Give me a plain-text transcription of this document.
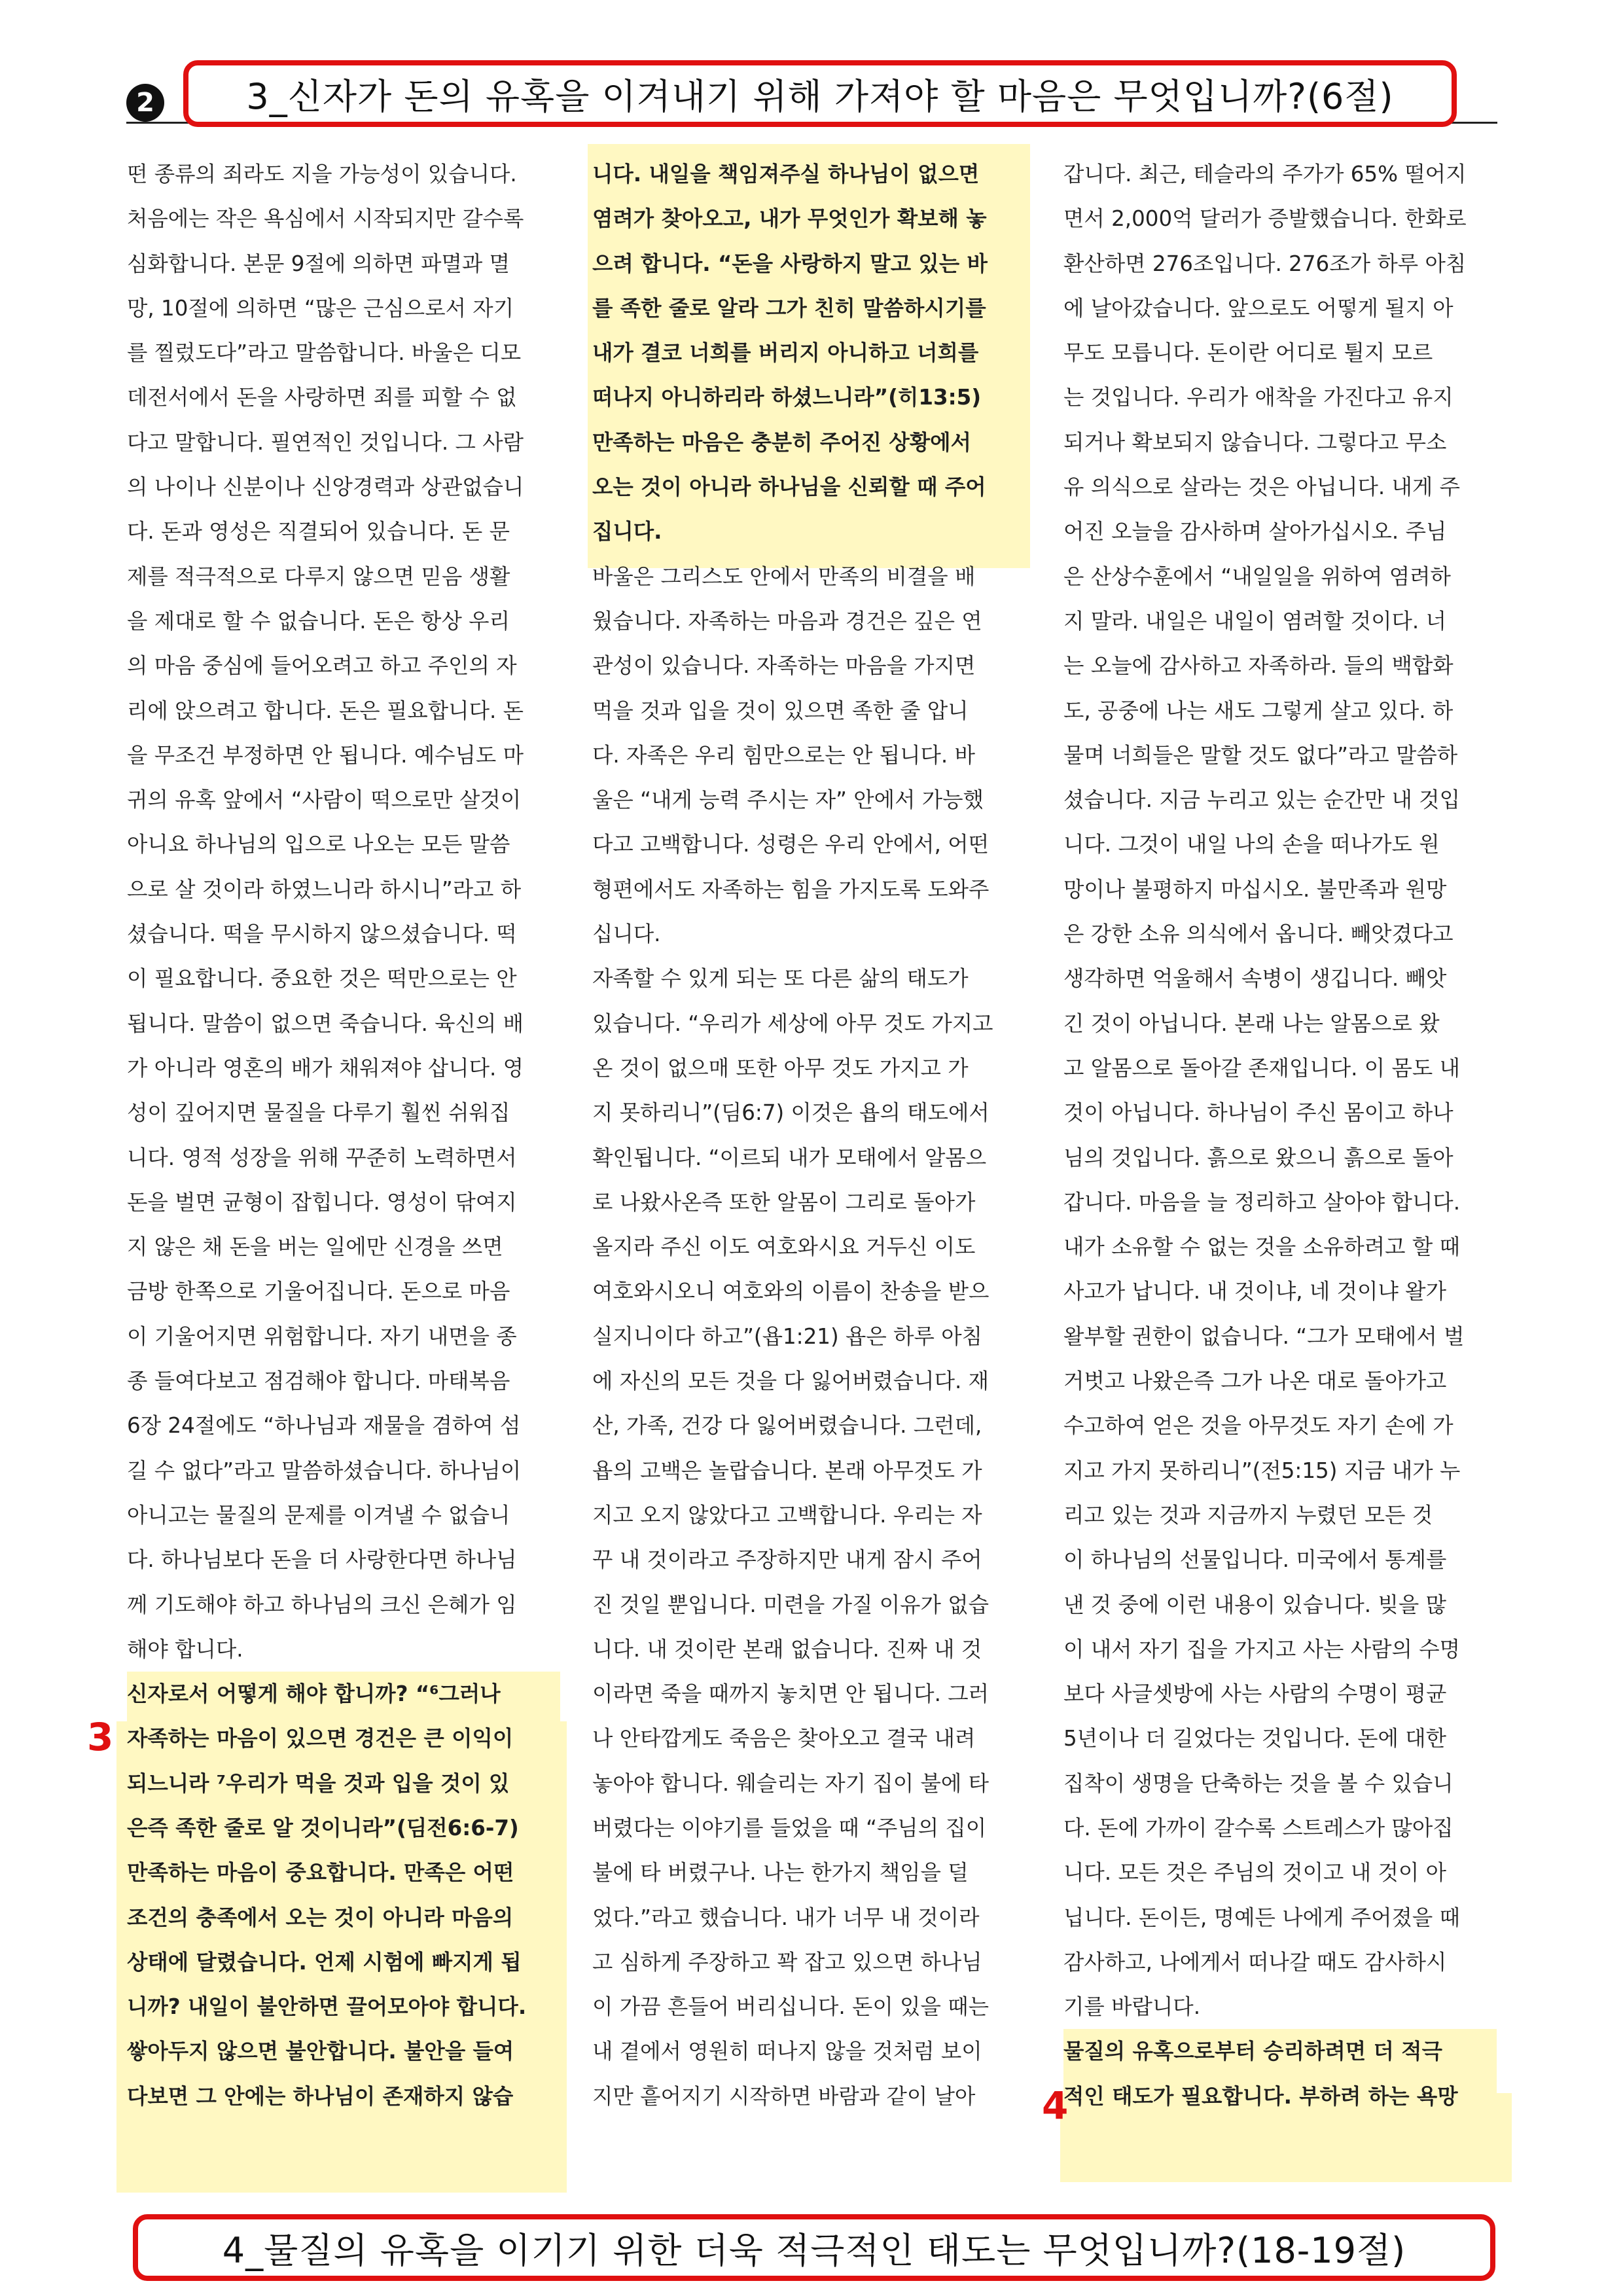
2	3_신자가 돈의 유혹을 이겨내기 위해 가져야 할 마음은 무엇입니까?(6절)
떤 종류의 죄라도 지을 가능성이 있습니다.
처음에는 작은 욕심에서 시작되지만 갈수록
심화합니다. 본문 9절에 의하면 파멸과 멸
망, 10절에 의하면 “많은 근심으로서 자기
를 찔렀도다”라고 말씀합니다. 바울은 디모
데전서에서 돈을 사랑하면 죄를 피할 수 없
다고 말합니다. 필연적인 것입니다. 그 사람
의 나이나 신분이나 신앙경력과 상관없습니
다. 돈과 영성은 직결되어 있습니다. 돈 문
제를 적극적으로 다루지 않으면 믿음 생활
을 제대로 할 수 없습니다. 돈은 항상 우리
의 마음 중심에 들어오려고 하고 주인의 자
리에 앉으려고 합니다. 돈은 필요합니다. 돈
을 무조건 부정하면 안 됩니다. 예수님도 마
귀의 유혹 앞에서 “사람이 떡으로만 살것이
아니요 하나님의 입으로 나오는 모든 말씀
으로 살 것이라 하였느니라 하시니”라고 하
셨습니다. 떡을 무시하지 않으셨습니다. 떡
이 필요합니다. 중요한 것은 떡만으로는 안
됩니다. 말씀이 없으면 죽습니다. 육신의 배
가 아니라 영혼의 배가 채워져야 삽니다. 영
성이 깊어지면 물질을 다루기 훨씬 쉬워집
니다. 영적 성장을 위해 꾸준히 노력하면서
돈을 벌면 균형이 잡힙니다. 영성이 닦여지
지 않은 채 돈을 버는 일에만 신경을 쓰면
금방 한쪽으로 기울어집니다. 돈으로 마음
이 기울어지면 위험합니다. 자기 내면을 종
종 들여다보고 점검해야 합니다. 마태복음
6장 24절에도 “하나님과 재물을 겸하여 섬
길 수 없다”라고 말씀하셨습니다. 하나님이
아니고는 물질의 문제를 이겨낼 수 없습니
다. 하나님보다 돈을 더 사랑한다면 하나님
께 기도해야 하고 하나님의 크신 은혜가 임
해야 합니다.
신자로서 어떻게 해야 합니까? “⁶그러나
자족하는 마음이 있으면 경건은 큰 이익이
되느니라 ⁷우리가 먹을 것과 입을 것이 있
은즉 족한 줄로 알 것이니라”(딤전6:6-7)
만족하는 마음이 중요합니다. 만족은 어떤
조건의 충족에서 오는 것이 아니라 마음의
상태에 달렸습니다. 언제 시험에 빠지게 됩
니까? 내일이 불안하면 끌어모아야 합니다.
쌓아두지 않으면 불안합니다. 불안을 들여
다보면 그 안에는 하나님이 존재하지 않습
니다. 내일을 책임져주실 하나님이 없으면
염려가 찾아오고, 내가 무엇인가 확보해 놓
으려 합니다. “돈을 사랑하지 말고 있는 바
를 족한 줄로 알라 그가 친히 말씀하시기를
내가 결코 너희를 버리지 아니하고 너희를
떠나지 아니하리라 하셨느니라”(히13:5)
만족하는 마음은 충분히 주어진 상황에서
오는 것이 아니라 하나님을 신뢰할 때 주어
집니다.
바울은 그리스도 안에서 만족의 비결을 배
웠습니다. 자족하는 마음과 경건은 깊은 연
관성이 있습니다. 자족하는 마음을 가지면
먹을 것과 입을 것이 있으면 족한 줄 압니
다. 자족은 우리 힘만으로는 안 됩니다. 바
울은 “내게 능력 주시는 자” 안에서 가능했
다고 고백합니다. 성령은 우리 안에서, 어떤
형편에서도 자족하는 힘을 가지도록 도와주
십니다.
자족할 수 있게 되는 또 다른 삶의 태도가
있습니다. “우리가 세상에 아무 것도 가지고
온 것이 없으매 또한 아무 것도 가지고 가
지 못하리니”(딤6:7) 이것은 욥의 태도에서
확인됩니다. “이르되 내가 모태에서 알몸으
로 나왔사온즉 또한 알몸이 그리로 돌아가
올지라 주신 이도 여호와시요 거두신 이도
여호와시오니 여호와의 이름이 찬송을 받으
실지니이다 하고”(욥1:21) 욥은 하루 아침
에 자신의 모든 것을 다 잃어버렸습니다. 재
산, 가족, 건강 다 잃어버렸습니다. 그런데,
욥의 고백은 놀랍습니다. 본래 아무것도 가
지고 오지 않았다고 고백합니다. 우리는 자
꾸 내 것이라고 주장하지만 내게 잠시 주어
진 것일 뿐입니다. 미련을 가질 이유가 없습
니다. 내 것이란 본래 없습니다. 진짜 내 것
이라면 죽을 때까지 놓치면 안 됩니다. 그러
나 안타깝게도 죽음은 찾아오고 결국 내려
놓아야 합니다. 웨슬리는 자기 집이 불에 타
버렸다는 이야기를 들었을 때 “주님의 집이
불에 타 버렸구나. 나는 한가지 책임을 덜
었다.”라고 했습니다. 내가 너무 내 것이라
고 심하게 주장하고 꽉 잡고 있으면 하나님
이 가끔 흔들어 버리십니다. 돈이 있을 때는
내 곁에서 영원히 떠나지 않을 것처럼 보이
지만 흩어지기 시작하면 바람과 같이 날아
갑니다. 최근, 테슬라의 주가가 65% 떨어지
면서 2,000억 달러가 증발했습니다. 한화로
환산하면 276조입니다. 276조가 하루 아침
에 날아갔습니다. 앞으로도 어떻게 될지 아
무도 모릅니다. 돈이란 어디로 튈지 모르
는 것입니다. 우리가 애착을 가진다고 유지
되거나 확보되지 않습니다. 그렇다고 무소
유 의식으로 살라는 것은 아닙니다. 내게 주
어진 오늘을 감사하며 살아가십시오. 주님
은 산상수훈에서 “내일일을 위하여 염려하
지 말라. 내일은 내일이 염려할 것이다. 너
는 오늘에 감사하고 자족하라. 들의 백합화
도, 공중에 나는 새도 그렇게 살고 있다. 하
물며 너희들은 말할 것도 없다”라고 말씀하
셨습니다. 지금 누리고 있는 순간만 내 것입
니다. 그것이 내일 나의 손을 떠나가도 원
망이나 불평하지 마십시오. 불만족과 원망
은 강한 소유 의식에서 옵니다. 빼앗겼다고
생각하면 억울해서 속병이 생깁니다. 빼앗
긴 것이 아닙니다. 본래 나는 알몸으로 왔
고 알몸으로 돌아갈 존재입니다. 이 몸도 내
것이 아닙니다. 하나님이 주신 몸이고 하나
님의 것입니다. 흙으로 왔으니 흙으로 돌아
갑니다. 마음을 늘 정리하고 살아야 합니다.
내가 소유할 수 없는 것을 소유하려고 할 때
사고가 납니다. 내 것이냐, 네 것이냐 왈가
왈부할 권한이 없습니다. “그가 모태에서 벌
거벗고 나왔은즉 그가 나온 대로 돌아가고
수고하여 얻은 것을 아무것도 자기 손에 가
지고 가지 못하리니”(전5:15) 지금 내가 누
리고 있는 것과 지금까지 누렸던 모든 것
이 하나님의 선물입니다. 미국에서 통계를
낸 것 중에 이런 내용이 있습니다. 빚을 많
이 내서 자기 집을 가지고 사는 사람의 수명
보다 사글셋방에 사는 사람의 수명이 평균
5년이나 더 길었다는 것입니다. 돈에 대한
집착이 생명을 단축하는 것을 볼 수 있습니
다. 돈에 가까이 갈수록 스트레스가 많아집
니다. 모든 것은 주님의 것이고 내 것이 아
닙니다. 돈이든, 명예든 나에게 주어졌을 때
감사하고, 나에게서 떠나갈 때도 감사하시
기를 바랍니다.
물질의 유혹으로부터 승리하려면 더 적극
적인 태도가 필요합니다. 부하려 하는 욕망
3
4
4_물질의 유혹을 이기기 위한 더욱 적극적인 태도는 무엇입니까?(18-19절)
